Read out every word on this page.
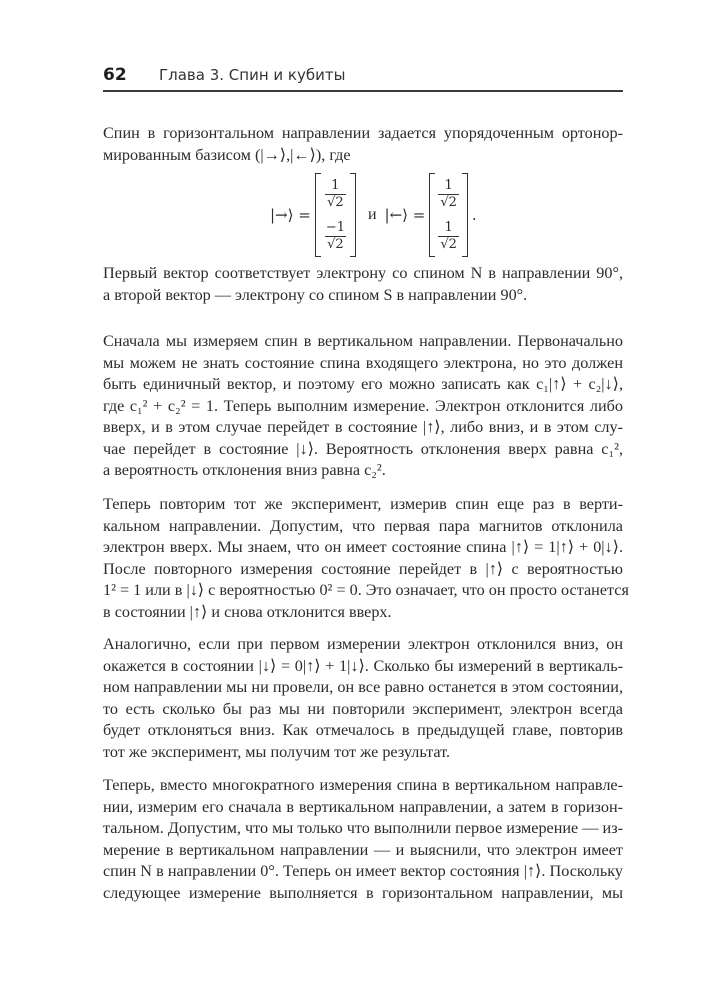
62 Глава 3. Спин и кубиты
Спин в горизонтальном направлении задается упорядоченным ортонор-
мированным базисом (|→⟩,|←⟩), где
|→⟩ =
$\frac{1}{√2}$
$\frac{-1}{√2}$
и |←⟩ =
$\frac{1}{√2}$
$\frac{1}{√2}$
.
Первый вектор соответствует электрону со спином N в направлении 90°,
а второй вектор — электрону со спином S в направлении 90°.
Сначала мы измеряем спин в вертикальном направлении. Первоначально
мы можем не знать состояние спина входящего электрона, но это должен
быть единичный вектор, и поэтому его можно записать как c₁|↑⟩ + c₂|↓⟩,
где c₁² + c₂² = 1. Теперь выполним измерение. Электрон отклонится либо
вверх, и в этом случае перейдет в состояние |↑⟩, либо вниз, и в этом слу-
чае перейдет в состояние |↓⟩. Вероятность отклонения вверх равна c₁²,
а вероятность отклонения вниз равна c₂².
Теперь повторим тот же эксперимент, измерив спин еще раз в верти-
кальном направлении. Допустим, что первая пара магнитов отклонила
электрон вверх. Мы знаем, что он имеет состояние спина |↑⟩ = 1|↑⟩ + 0|↓⟩.
После повторного измерения состояние перейдет в |↑⟩ с вероятностью
1² = 1 или в |↓⟩ с вероятностью 0² = 0. Это означает, что он просто останется
в состоянии |↑⟩ и снова отклонится вверх.
Аналогично, если при первом измерении электрон отклонился вниз, он
окажется в состоянии |↓⟩ = 0|↑⟩ + 1|↓⟩. Сколько бы измерений в вертикаль-
ном направлении мы ни провели, он все равно останется в этом состоянии,
то есть сколько бы раз мы ни повторили эксперимент, электрон всегда
будет отклоняться вниз. Как отмечалось в предыдущей главе, повторив
тот же эксперимент, мы получим тот же результат.
Теперь, вместо многократного измерения спина в вертикальном направле-
нии, измерим его сначала в вертикальном направлении, а затем в горизон-
тальном. Допустим, что мы только что выполнили первое измерение — из-
мерение в вертикальном направлении — и выяснили, что электрон имеет
спин N в направлении 0°. Теперь он имеет вектор состояния |↑⟩. Поскольку
следующее измерение выполняется в горизонтальном направлении, мы
